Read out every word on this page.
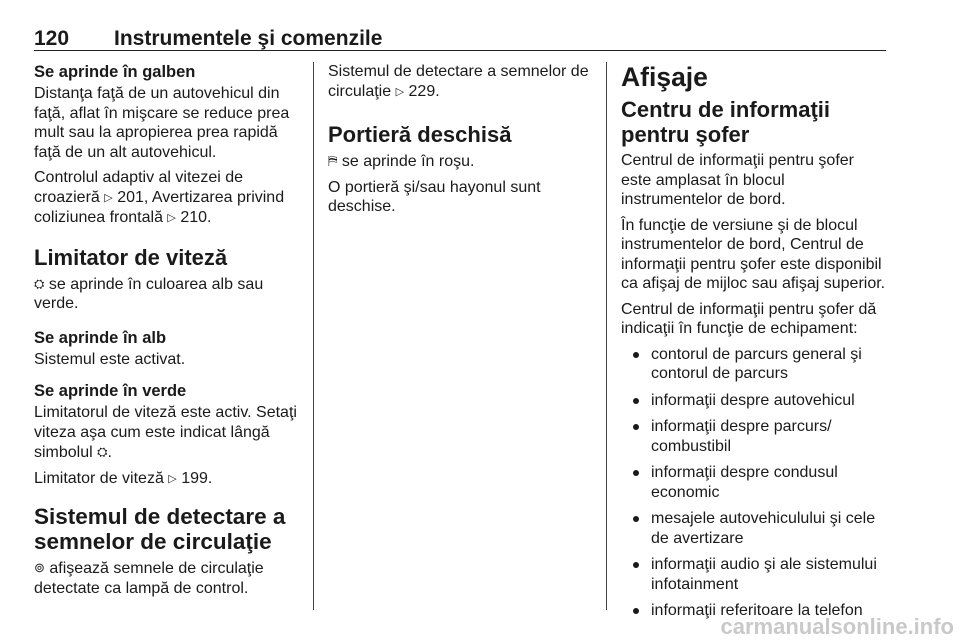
120 Instrumentele şi comenzile
Se aprinde în galben

Distanţa faţă de un autovehicul din faţă, aflat în mişcare se reduce prea mult sau la apropierea prea rapidă faţă de un alt autovehicul.

Controlul adaptiv al vitezei de croazieră ▷ 201, Avertizarea privind coliziunea frontală ▷ 210.

Limitator de viteză

⛭ se aprinde în culoarea alb sau verde.

Se aprinde în alb

Sistemul este activat.

Se aprinde în verde

Limitatorul de viteză este activ. Setaţi viteza aşa cum este indicat lângă simbolul ⛭.

Limitator de viteză ▷ 199.

Sistemul de detectare a semnelor de circulaţie

⊚ afişează semnele de circulaţie detectate ca lampă de control.

Sistemul de detectare a semnelor de circulaţie ▷ 229.

Portieră deschisă

⛿ se aprinde în roşu.

O portieră şi/sau hayonul sunt deschise.

Afişaje
Centru de informaţii pentru şofer

Centrul de informaţii pentru şofer este amplasat în blocul instrumentelor de bord.

În funcţie de versiune şi de blocul instrumentelor de bord, Centrul de informaţii pentru şofer este disponibil ca afişaj de mijloc sau afişaj superior.

Centrul de informaţii pentru şofer dă indicaţii în funcţie de echipament:

contorul de parcurs general şi contorul de parcurs
informaţii despre autovehicul
informaţii despre parcurs/ combustibil
informaţii despre condusul economic
mesajele autovehiculului şi cele de avertizare
informaţii audio şi ale sistemului infotainment
informaţii referitoare la telefon
carmanualsonline.info
